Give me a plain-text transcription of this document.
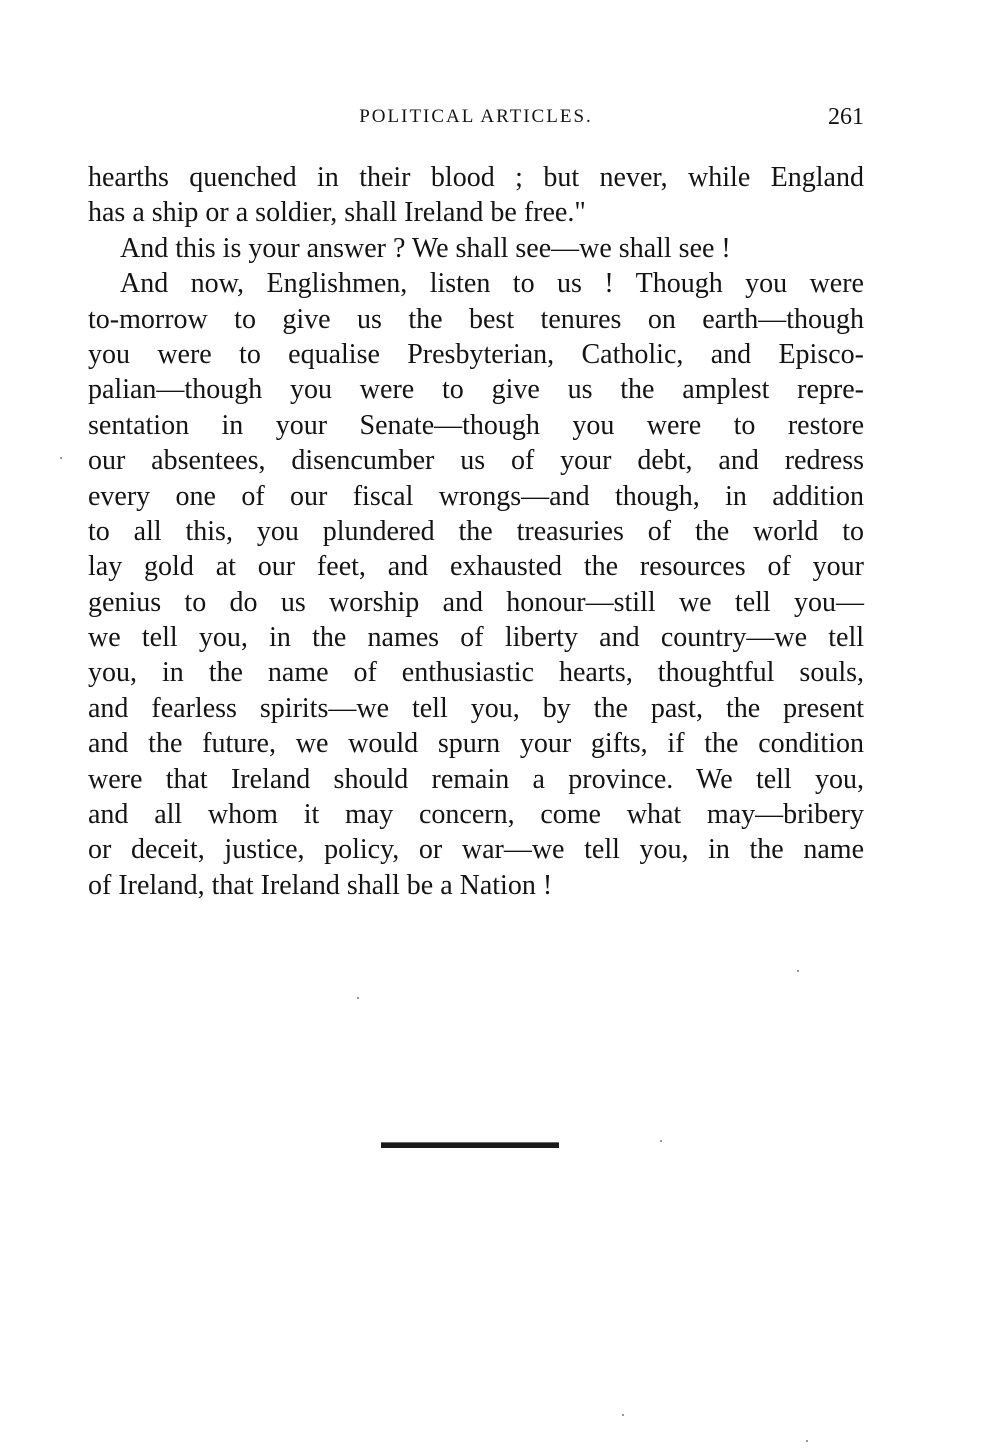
POLITICAL ARTICLES.	261
hearths quenched in their blood ; but never, while England
has a ship or a soldier, shall Ireland be free."
And this is your answer ? We shall see—we shall see !
And now, Englishmen, listen to us ! Though you were
to-morrow to give us the best tenures on earth—though
you were to equalise Presbyterian, Catholic, and Episco-
palian—though you were to give us the amplest repre-
sentation in your Senate—though you were to restore
our absentees, disencumber us of your debt, and redress
every one of our fiscal wrongs—and though, in addition
to all this, you plundered the treasuries of the world to
lay gold at our feet, and exhausted the resources of your
genius to do us worship and honour—still we tell you—
we tell you, in the names of liberty and country—we tell
you, in the name of enthusiastic hearts, thoughtful souls,
and fearless spirits—we tell you, by the past, the present
and the future, we would spurn your gifts, if the condition
were that Ireland should remain a province. We tell you,
and all whom it may concern, come what may—bribery
or deceit, justice, policy, or war—we tell you, in the name
of Ireland, that Ireland shall be a Nation !
